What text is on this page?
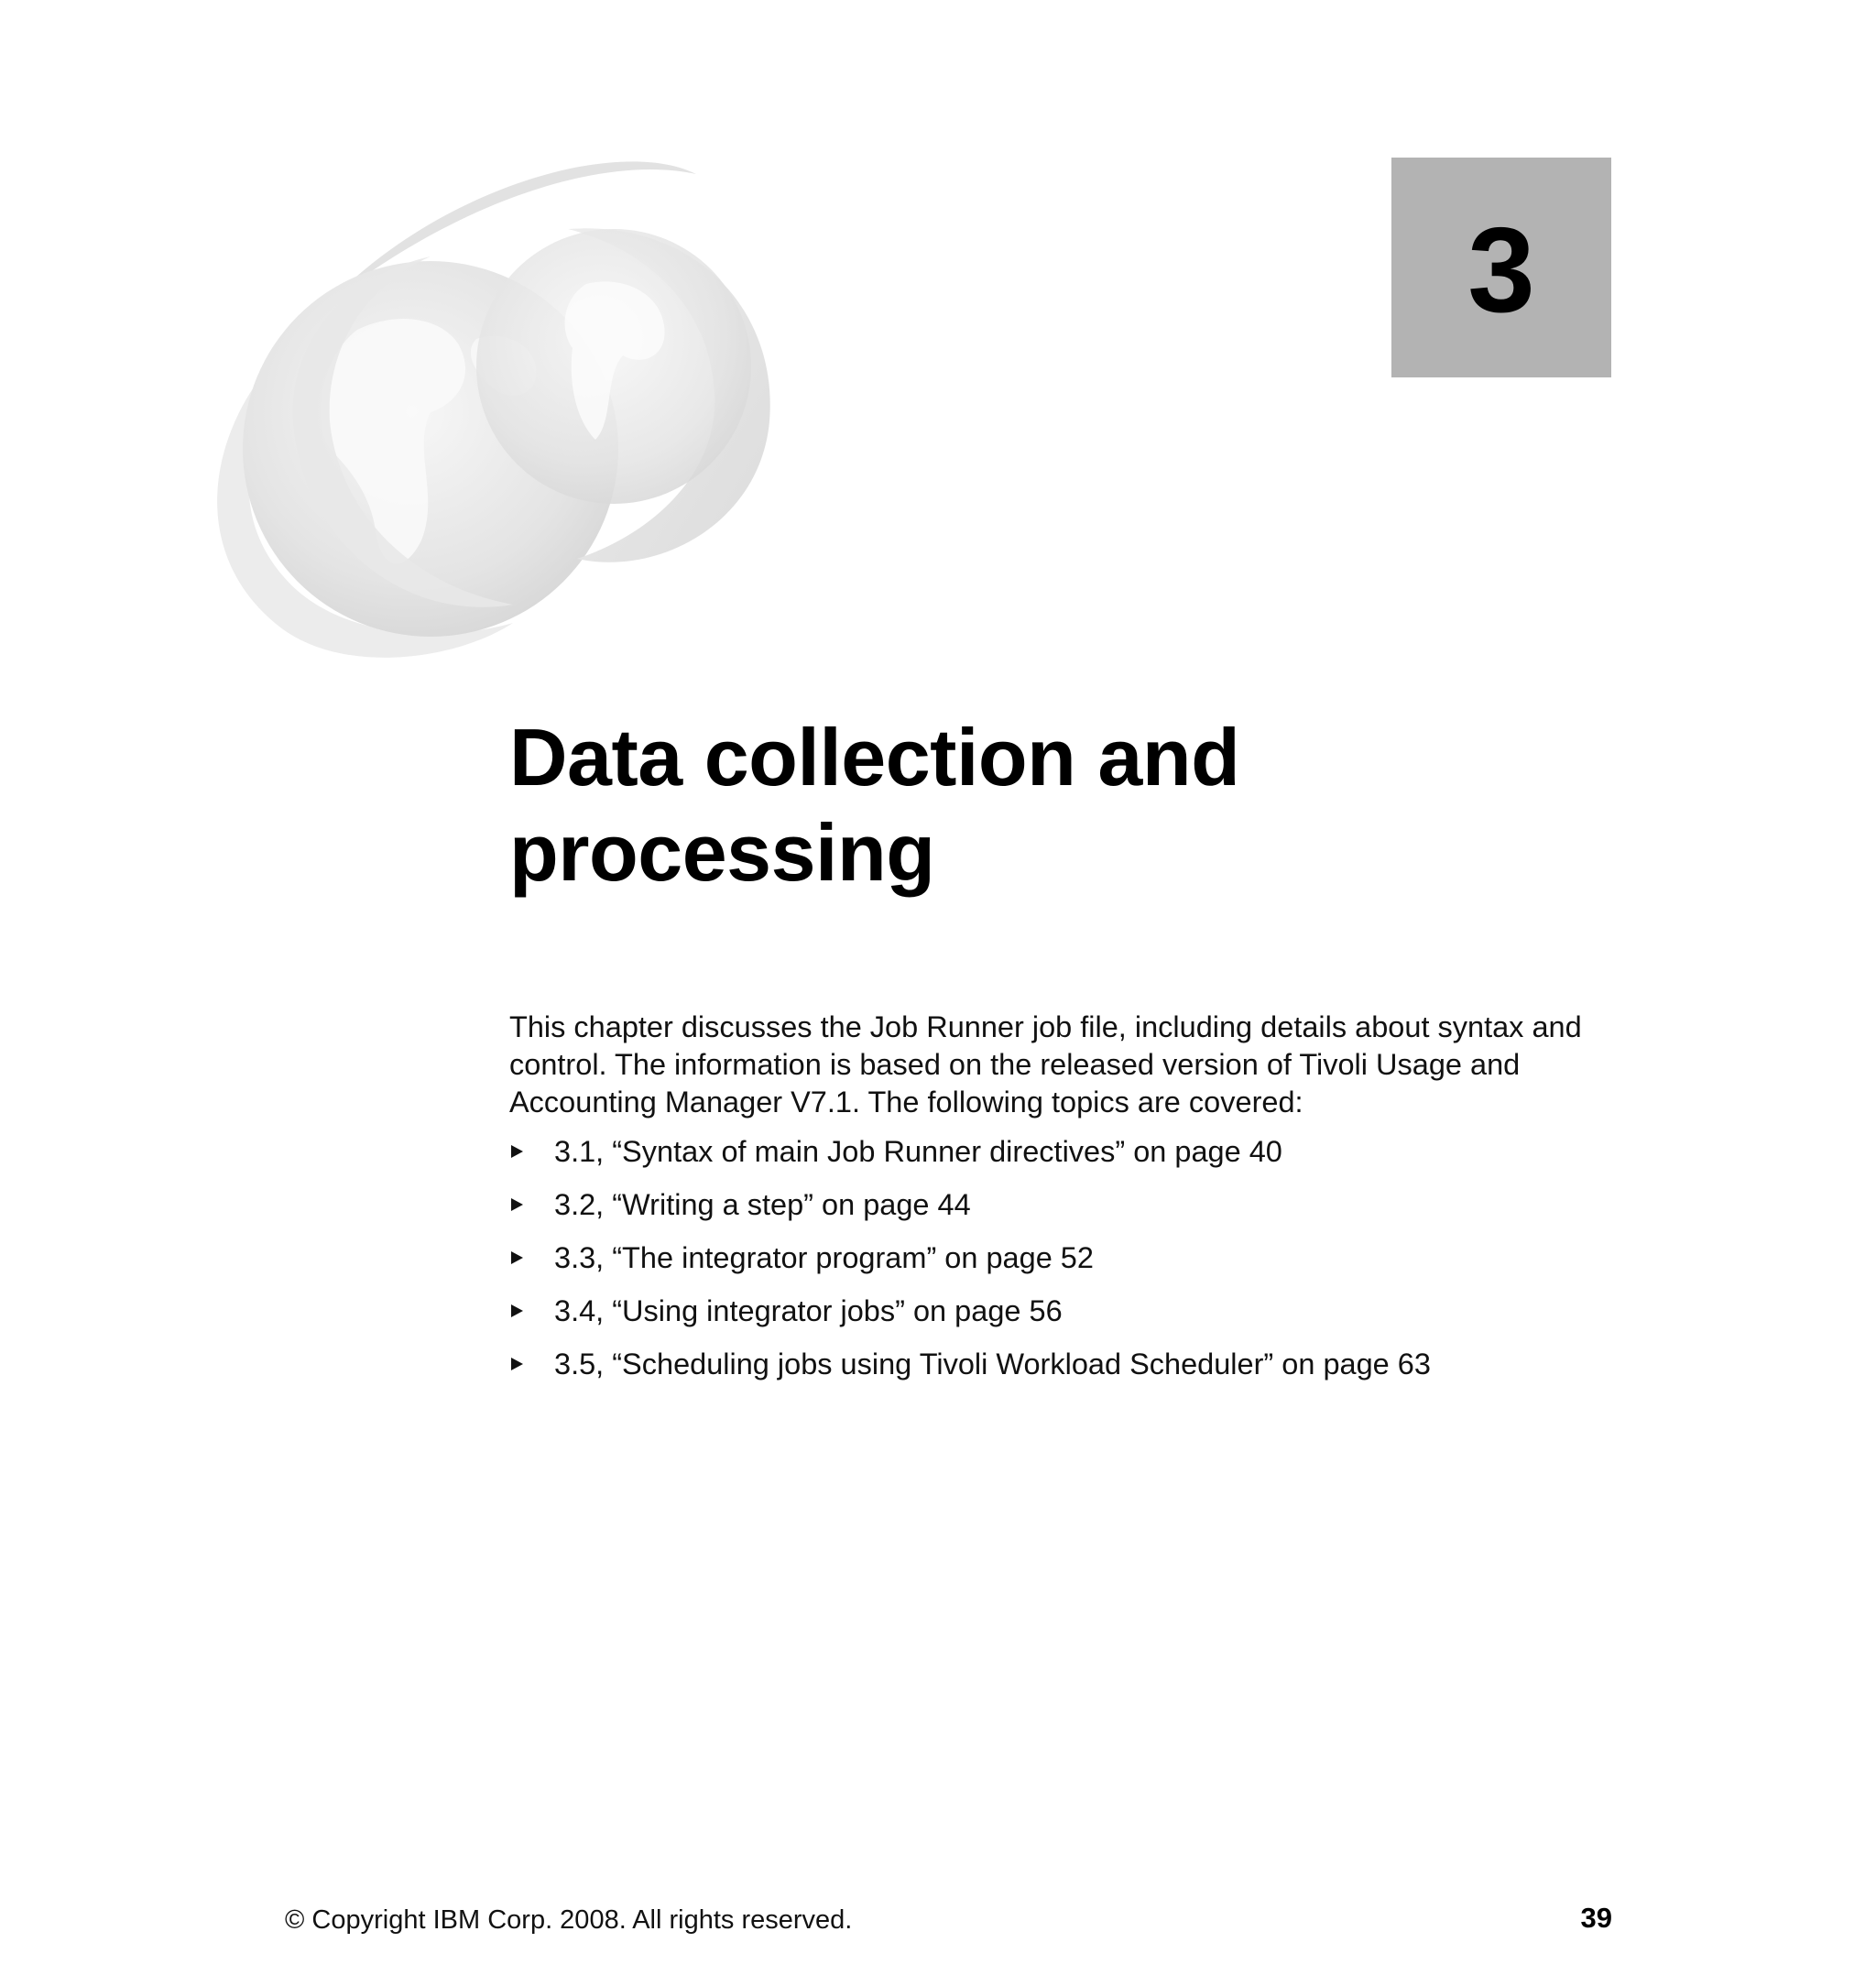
3
Data collection and
processing

This chapter discusses the Job Runner job file, including details about syntax and control. The information is based on the released version of Tivoli Usage and Accounting Manager V7.1. The following topics are covered:

3.1, “Syntax of main Job Runner directives” on page 40
3.2, “Writing a step” on page 44
3.3, “The integrator program” on page 52
3.4, “Using integrator jobs” on page 56
3.5, “Scheduling jobs using Tivoli Workload Scheduler” on page 63
© Copyright IBM Corp. 2008. All rights reserved.	39
